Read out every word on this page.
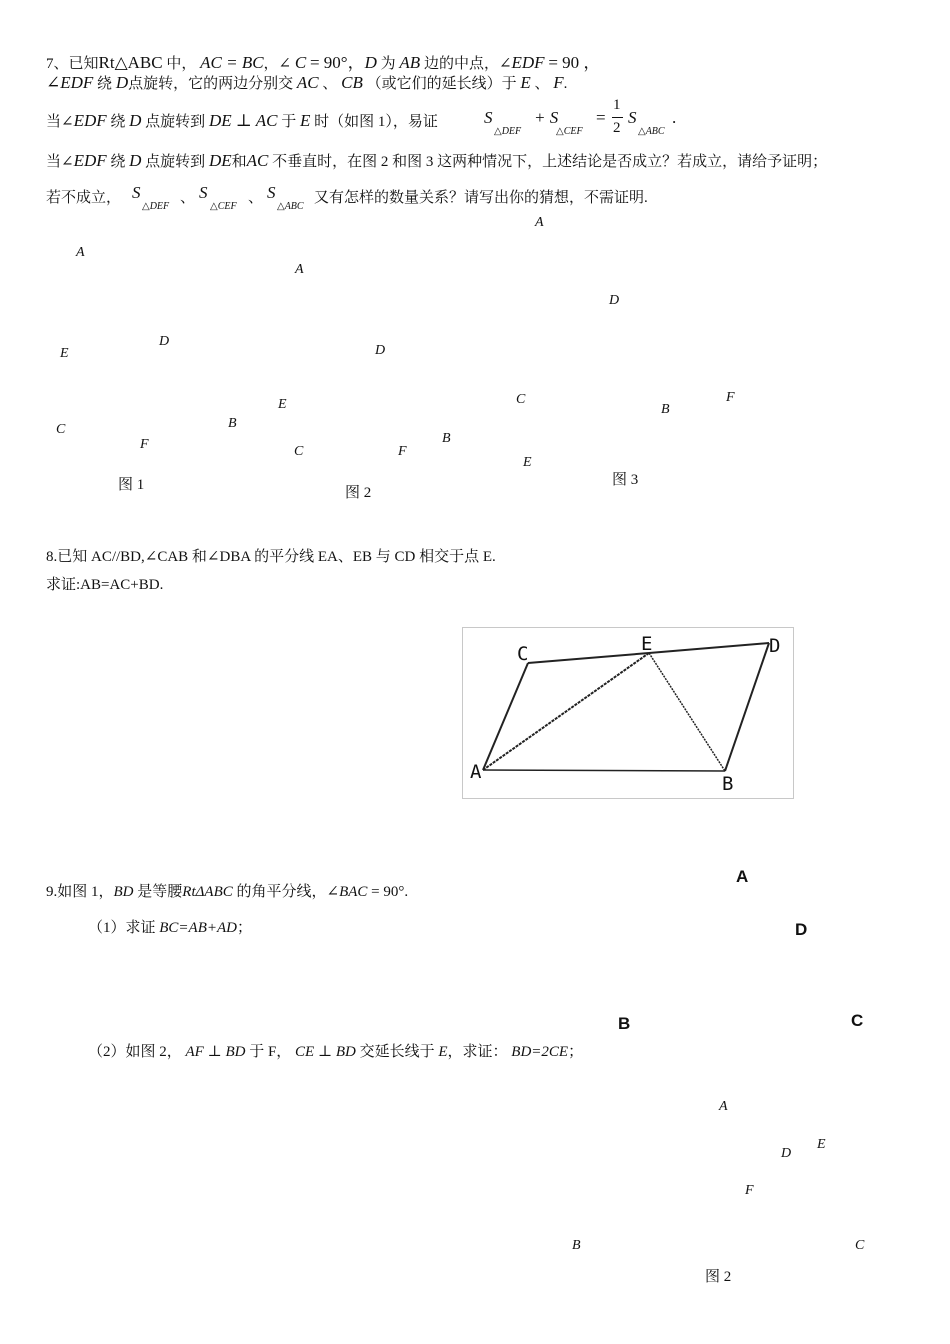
7、已知Rt△ABC 中， AC = BC，∠ C = 90°，D 为 AB 边的中点，∠EDF = 90 ，
∠EDF 绕 D点旋转，它的两边分别交 AC 、 CB （或它们的延长线）于 E 、 F.
当∠EDF 绕 D 点旋转到 DE ⊥ AC 于 E 时（如图 1），易证	S
△DEF
+ S
△CEF
=
1
2
S
△ABC
.
当∠EDF 绕 D 点旋转到 DE和AC 不垂直时，在图 2 和图 3 这两种情况下，上述结论是否成立？若成立，请给予证明；
若不成立， S
△DEF
、 S
△CEF
、 S
△ABC
又有怎样的数量关系？请写出你的猜想，不需证明.
A
E
D
C
F
B
图 1
A
D
E
C	F
B
图 2
A
D
C
B
F
E
图 3
8.已知 AC//BD,∠CAB 和∠DBA 的平分线 EA、EB 与 CD 相交于点 E.
求证:AB=AC+BD.
C	E	D
A
B
9.如图 1，BD 是等腰RtΔABC 的角平分线，∠BAC = 90°.
（1）求证 BC=AB+AD；
（2）如图 2， AF ⊥ BD 于 F， CE ⊥ BD 交延长线于 E，求证： BD=2CE；
A
D
B	C
A
D
E
F
B	C
图 2
